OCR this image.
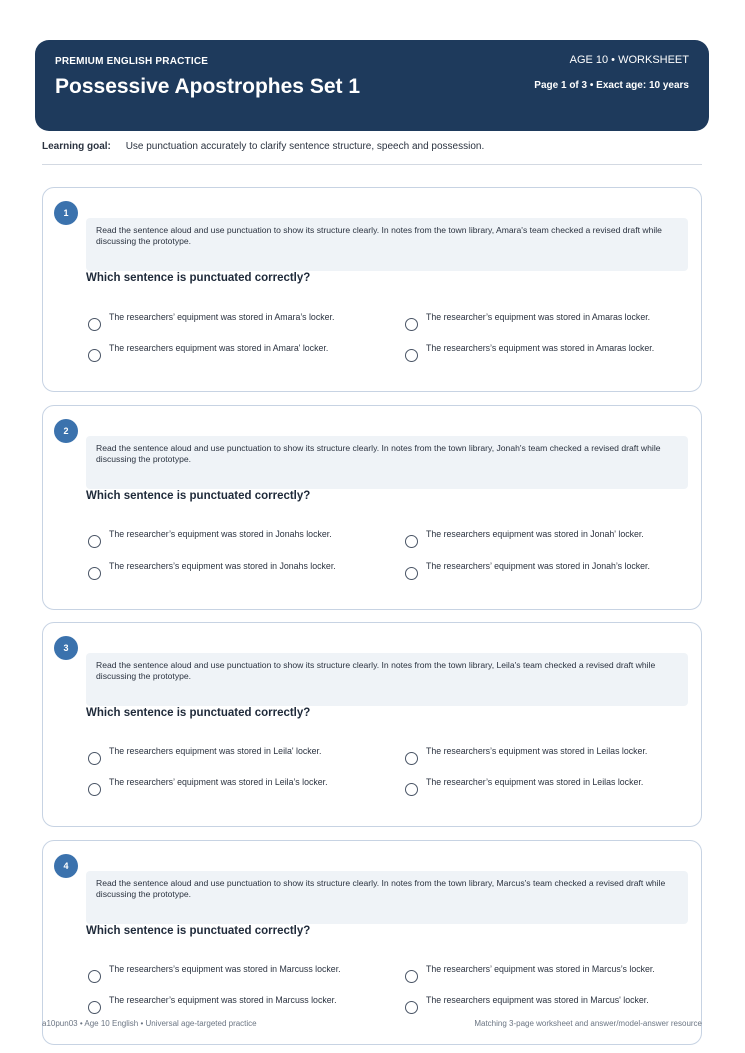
PREMIUM ENGLISH PRACTICE
Possessive Apostrophes Set 1
AGE 10 • WORKSHEET
Page 1 of 3 • Exact age: 10 years
Learning goal: Use punctuation accurately to clarify sentence structure, speech and possession.
1
Read the sentence aloud and use punctuation to show its structure clearly. In notes from the town library, Amara's team checked a revised draft while discussing the prototype.
Which sentence is punctuated correctly?
The researchers’ equipment was stored in Amara’s locker.	The researcher’s equipment was stored in Amaras locker.
The researchers equipment was stored in Amara' locker.	The researchers’s equipment was stored in Amaras locker.
2
Read the sentence aloud and use punctuation to show its structure clearly. In notes from the town library, Jonah's team checked a revised draft while discussing the prototype.
Which sentence is punctuated correctly?
The researcher’s equipment was stored in Jonahs locker.	The researchers equipment was stored in Jonah' locker.
The researchers’s equipment was stored in Jonahs locker.	The researchers’ equipment was stored in Jonah’s locker.
3
Read the sentence aloud and use punctuation to show its structure clearly. In notes from the town library, Leila's team checked a revised draft while discussing the prototype.
Which sentence is punctuated correctly?
The researchers equipment was stored in Leila' locker.	The researchers’s equipment was stored in Leilas locker.
The researchers’ equipment was stored in Leila’s locker.	The researcher’s equipment was stored in Leilas locker.
4
Read the sentence aloud and use punctuation to show its structure clearly. In notes from the town library, Marcus's team checked a revised draft while discussing the prototype.
Which sentence is punctuated correctly?
The researchers’s equipment was stored in Marcuss locker.	The researchers’ equipment was stored in Marcus’s locker.
The researcher’s equipment was stored in Marcuss locker.	The researchers equipment was stored in Marcus' locker.
a10pun03 • Age 10 English • Universal age-targeted practice	Matching 3-page worksheet and answer/model-answer resource
